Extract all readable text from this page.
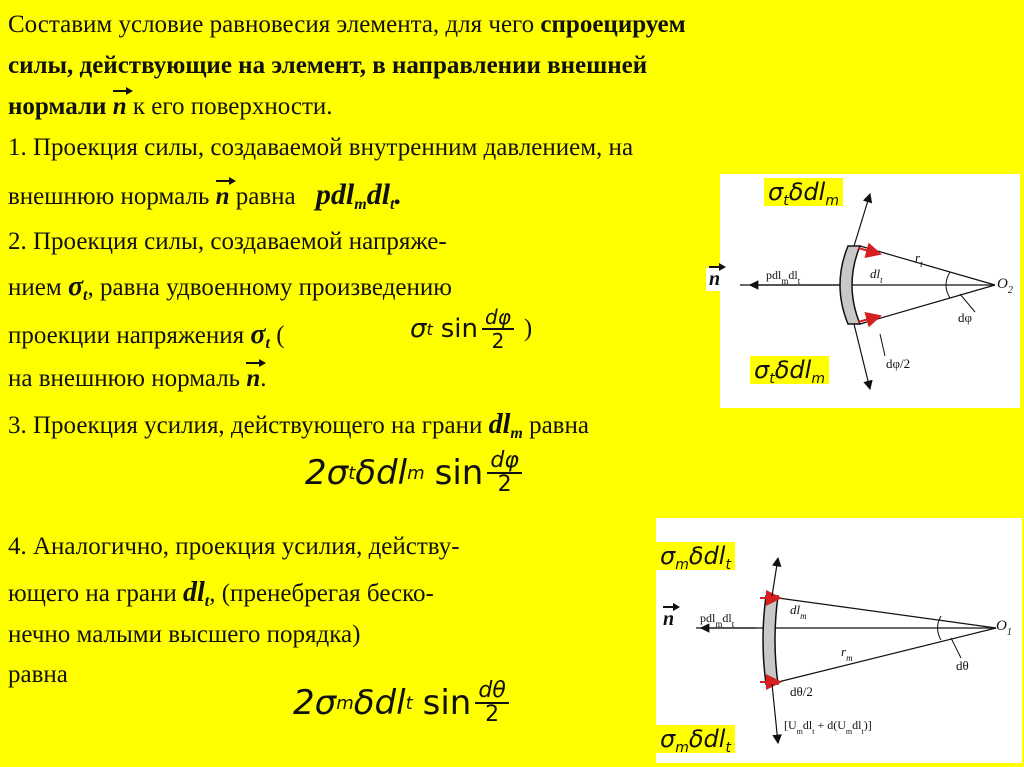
Составим условие равновесия элемента, для чего спроецируем
силы, действующие на элемент, в направлении внешней
нормали n к его поверхности.
1. Проекция силы, создаваемой внутренним давлением, на
внешнюю нормаль n равна $pdl_mdl_t$.
2. Проекция силы, создаваемой напряже-
нием $\sigma_t$, равна удвоенному произведению
проекции напряжения $\sigma_t$ (	σ t $\sin \frac{d\varphi}{2}$ )
на внешнюю нормаль n.
3. Проекция усилия, действующего на грани $dl_m$ равна
2σ t δdl m $\sin \frac{d\varphi}{2}$
4. Аналогично, проекция усилия, действу-
ющего на грани $dl_t$, (пренебрегая беско-
нечно малыми высшего порядка)
равна
2σ m δdl t $\sin \frac{d\theta}{2}$
$\sigma_t\delta dl_m$
$\sigma_t\delta dl_m$
$pdl_mdl_t$	$dl_t$
$r_t$
$O_2$
dφ
dφ/2
n
$\sigma_m\delta dl_t$
$\sigma_m\delta dl_t$
$pdl_mdl_t$
$dl_m$
$r_m$
$O_1$
dθ
dθ/2
$[U_mdl_t + d(U_mdl_t)]$
n
